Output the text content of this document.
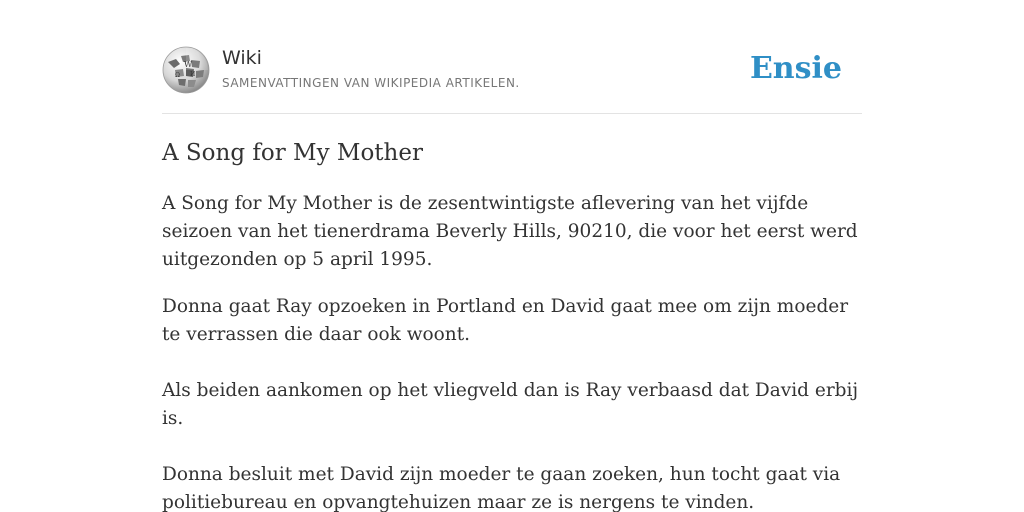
W
Ω И
Wiki
SAMENVATTINGEN VAN WIKIPEDIA ARTIKELEN.	Ensie
A Song for My Mother

A Song for My Mother is de zesentwintigste aflevering van het vijfde seizoen van het tienerdrama Beverly Hills, 90210, die voor het eerst werd uitgezonden op 5 april 1995.

Donna gaat Ray opzoeken in Portland en David gaat mee om zijn moeder te verrassen die daar ook woont.

Als beiden aankomen op het vliegveld dan is Ray verbaasd dat David erbij is.

Donna besluit met David zijn moeder te gaan zoeken, hun tocht gaat via politiebureau en opvangtehuizen maar ze is nergens te vinden.
